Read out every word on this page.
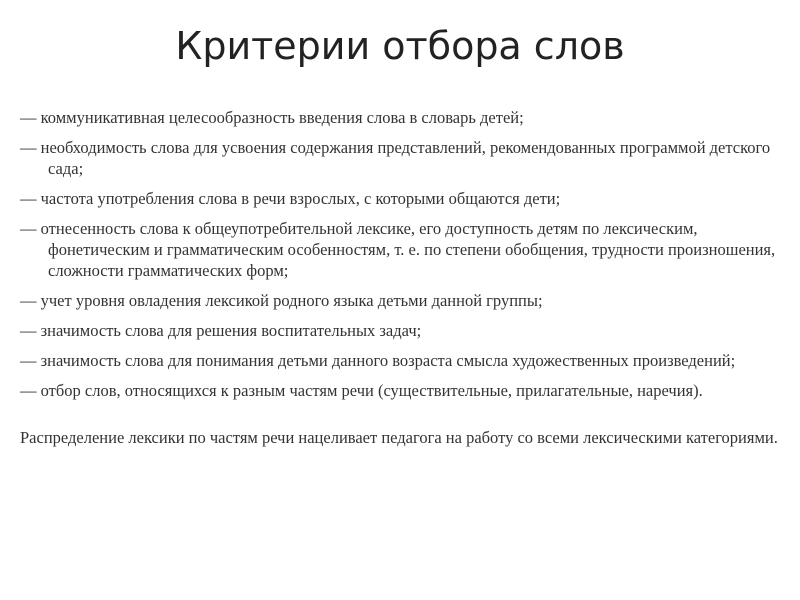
Критерии отбора слов
— коммуникативная целесообразность введения слова в словарь детей;
— необходимость слова для усвоения содержания представлений, рекомендованных программой детского сада;
— частота употребления слова в речи взрослых, с которыми общаются дети;
— отнесенность слова к общеупотребительной лексике, его доступность детям по лексическим, фонетическим и грамматическим особенностям, т. е. по степени обобщения, трудности произношения, сложности грамматических форм;
— учет уровня овладения лексикой родного языка детьми данной группы;
— значимость слова для решения воспитательных задач;
— значимость слова для понимания детьми данного возраста смысла художественных произведений;
— отбор слов, относящихся к разным частям речи (существительные, прилагательные, наречия).

Распределение лексики по частям речи нацеливает педагога на работу со всеми лексическими категориями.
